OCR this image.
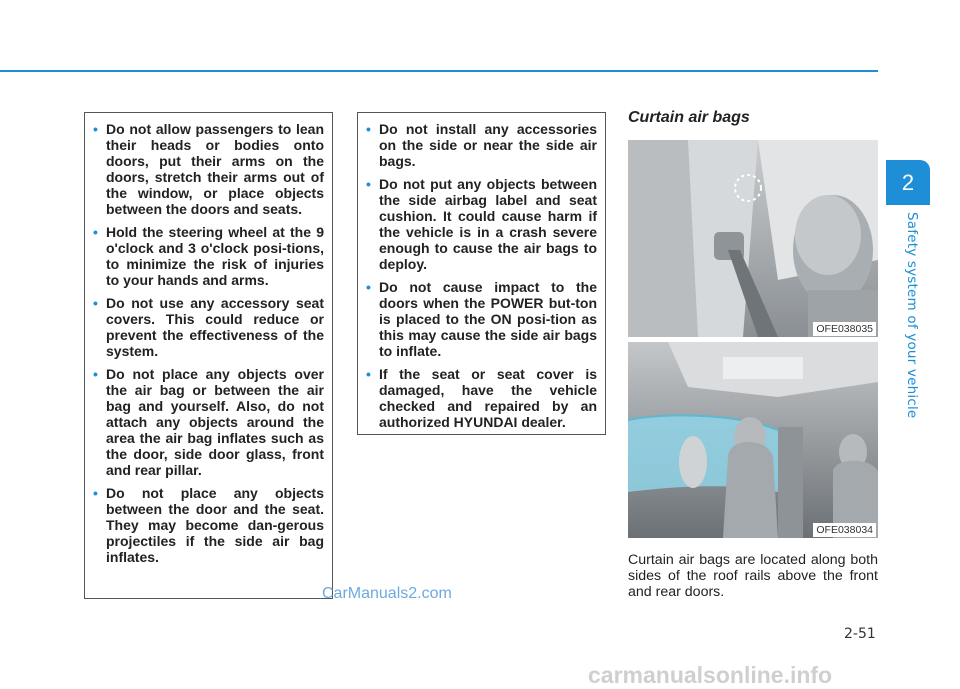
2
Safety system of your vehicle
• Do not allow passengers to lean their heads or bodies onto doors, put their arms on the doors, stretch their arms out of the window, or place objects between the doors and seats.
• Hold the steering wheel at the 9 o'clock and 3 o'clock posi-tions, to minimize the risk of injuries to your hands and arms.
• Do not use any accessory seat covers. This could reduce or prevent the effectiveness of the system.
• Do not place any objects over the air bag or between the air bag and yourself. Also, do not attach any objects around the area the air bag inflates such as the door, side door glass, front and rear pillar.
• Do not place any objects between the door and the seat. They may become dan-gerous projectiles if the side air bag inflates.
• Do not install any accessories on the side or near the side air bags.
• Do not put any objects between the side airbag label and seat cushion. It could cause harm if the vehicle is in a crash severe enough to cause the air bags to deploy.
• Do not cause impact to the doors when the POWER but-ton is placed to the ON posi-tion as this may cause the side air bags to inflate.
• If the seat or seat cover is damaged, have the vehicle checked and repaired by an authorized HYUNDAI dealer.
Curtain air bags
OFE038035
OFE038034
Curtain air bags are located along both sides of the roof rails above the front and rear doors.
2-51
CarManuals2.com
carmanualsonline.info
